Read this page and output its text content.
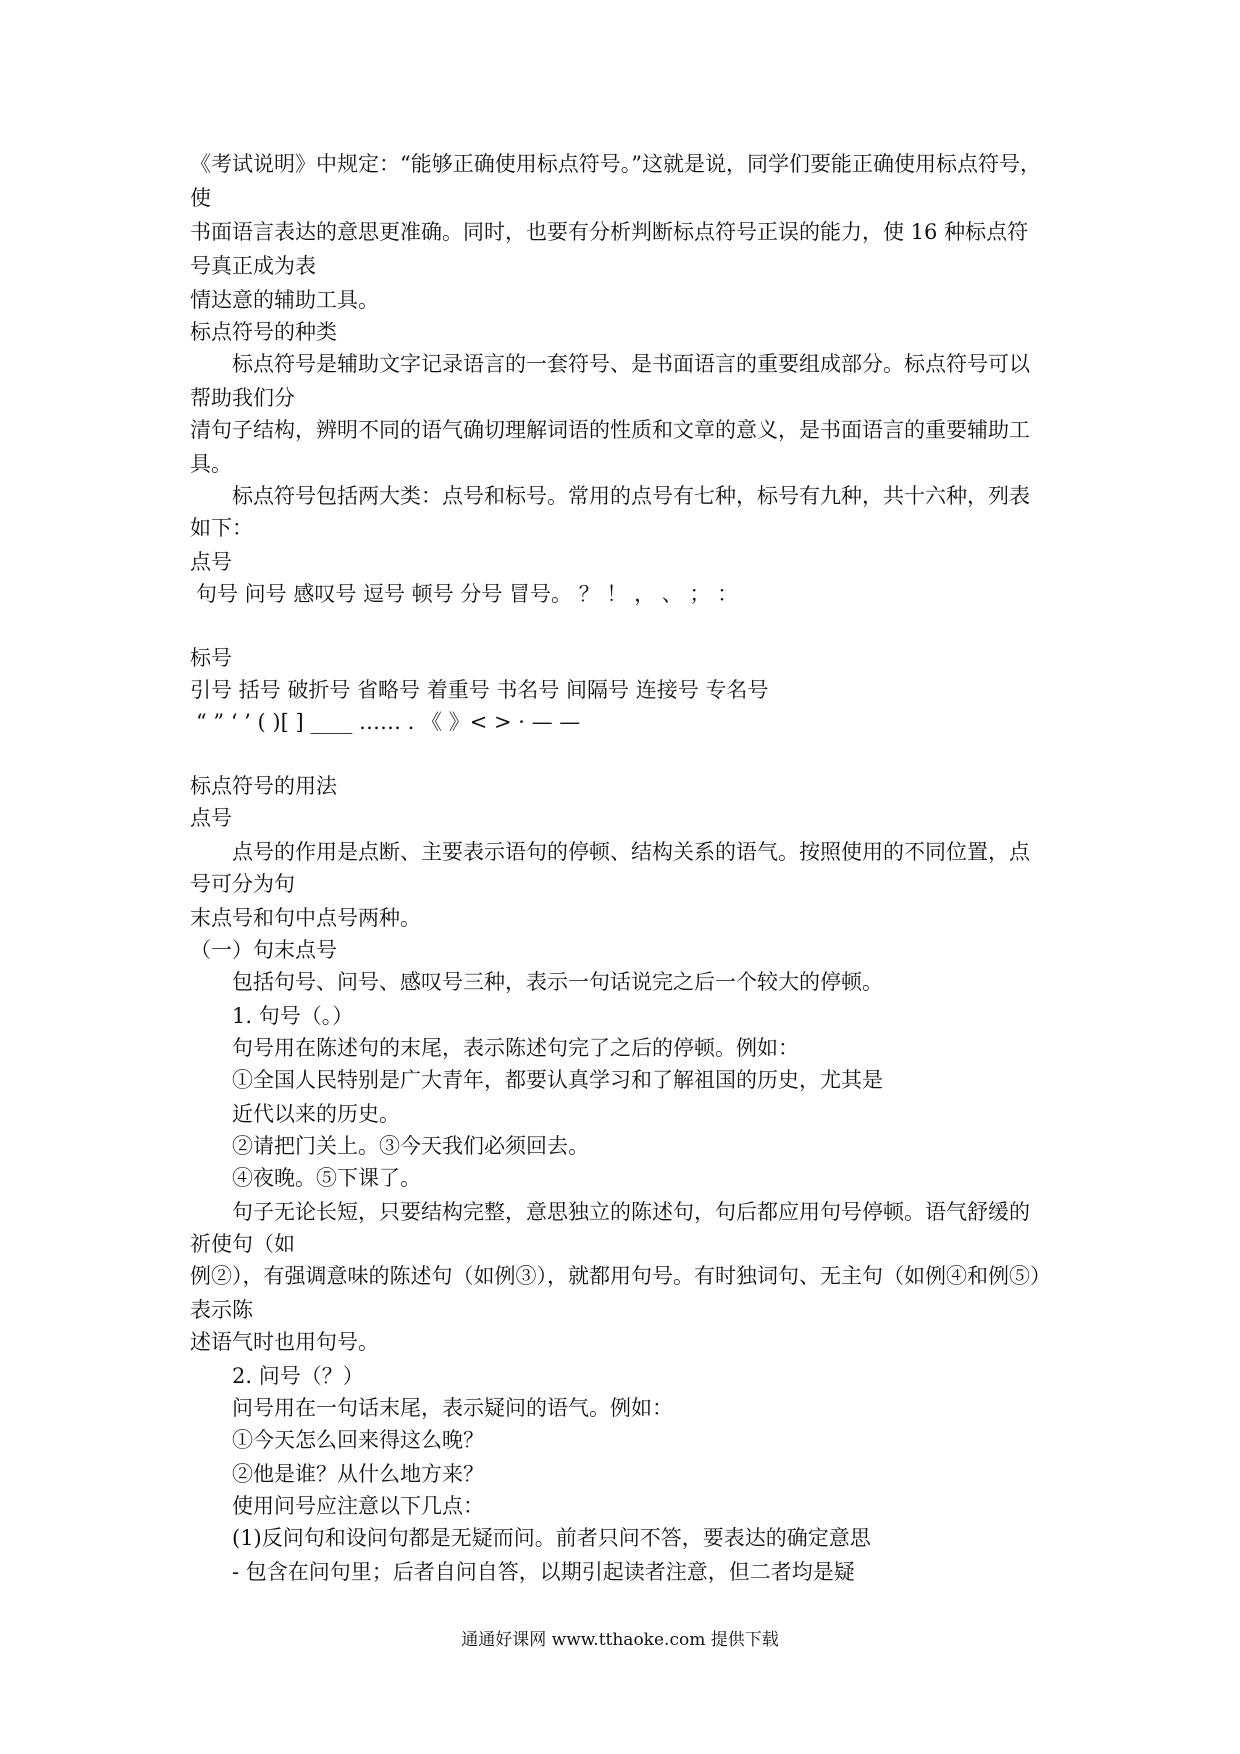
《考试说明》中规定：“能够正确使用标点符号。”这就是说，同学们要能正确使用标点符号，
使
书面语言表达的意思更准确。同时，也要有分析判断标点符号正误的能力，使 16 种标点符
号真正成为表
情达意的辅助工具。
标点符号的种类
标点符号是辅助文字记录语言的一套符号、是书面语言的重要组成部分。标点符号可以
帮助我们分
清句子结构，辨明不同的语气确切理解词语的性质和文章的意义，是书面语言的重要辅助工
具。
标点符号包括两大类：点号和标号。常用的点号有七种，标号有九种，共十六种，列表
如下：
点号
句号 问号 感叹号 逗号 顿号 分号 冒号。 ？ ！ ， 、 ； ：
标号
引号 括号 破折号 省略号 着重号 书名号 间隔号 连接号 专名号
“ ” ‘ ’ ( )[ ] ____ …… . 《 》< > · — —
标点符号的用法
点号
点号的作用是点断、主要表示语句的停顿、结构关系的语气。按照使用的不同位置，点
号可分为句
末点号和句中点号两种。
（一）句末点号
包括句号、问号、感叹号三种，表示一句话说完之后一个较大的停顿。
1. 句号（。）
句号用在陈述句的末尾，表示陈述句完了之后的停顿。例如：
①全国人民特别是广大青年，都要认真学习和了解祖国的历史，尤其是
近代以来的历史。
②请把门关上。③今天我们必须回去。
④夜晚。⑤下课了。
句子无论长短，只要结构完整，意思独立的陈述句，句后都应用句号停顿。语气舒缓的
祈使句（如
例②），有强调意味的陈述句（如例③），就都用句号。有时独词句、无主句（如例④和例⑤）
表示陈
述语气时也用句号。
2. 问号（？）
问号用在一句话末尾，表示疑问的语气。例如：
①今天怎么回来得这么晚？
②他是谁？从什么地方来？
使用问号应注意以下几点：
(1)反问句和设问句都是无疑而问。前者只问不答，要表达的确定意思
- 包含在问句里；后者自问自答，以期引起读者注意，但二者均是疑
通通好课网 www.tthaoke.com 提供下载
